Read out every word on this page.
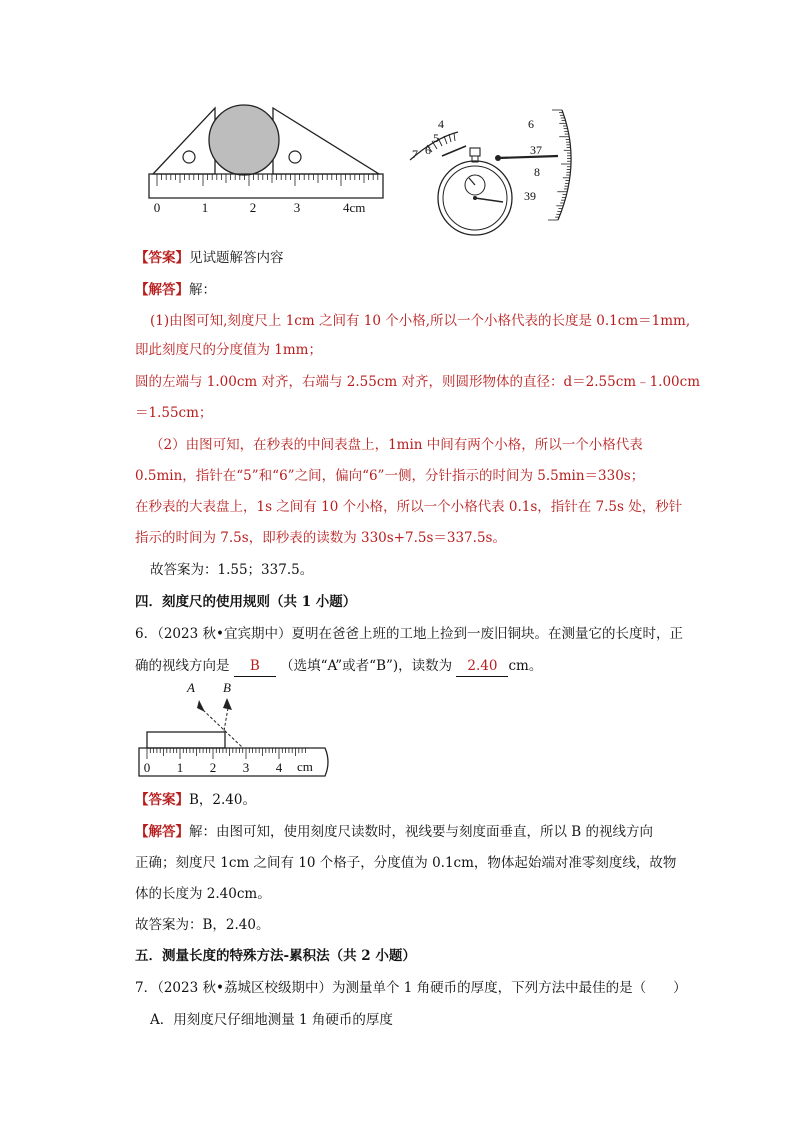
0	1	2	3	4cm
4
5
6
7
6
37
8
39
【答案】见试题解答内容
【解答】解：
(1)由图可知,刻度尺上 1cm 之间有 10 个小格,所以一个小格代表的长度是 0.1cm＝1mm,
即此刻度尺的分度值为 1mm；
圆的左端与 1.00cm 对齐，右端与 2.55cm 对齐，则圆形物体的直径：d＝2.55cm﹣1.00cm
＝1.55cm；
（2）由图可知，在秒表的中间表盘上，1min 中间有两个小格，所以一个小格代表
0.5min，指针在“5”和“6”之间，偏向“6”一侧，分针指示的时间为 5.5min＝330s；
在秒表的大表盘上，1s 之间有 10 个小格，所以一个小格代表 0.1s，指针在 7.5s 处，秒针
指示的时间为 7.5s，即秒表的读数为 330s+7.5s＝337.5s。
故答案为：1.55；337.5。
四．刻度尺的使用规则（共 1 小题）
6．（2023 秋•宜宾期中）夏明在爸爸上班的工地上捡到一废旧铜块。在测量它的长度时，正
确的视线方向是 B （选填“A”或者“B”)，读数为 2.40 cm。
A B
0 1 2 3 4 cm
【答案】B，2.40。
【解答】解：由图可知，使用刻度尺读数时，视线要与刻度面垂直，所以 B 的视线方向
正确；刻度尺 1cm 之间有 10 个格子，分度值为 0.1cm，物体起始端对准零刻度线，故物
体的长度为 2.40cm。
故答案为：B，2.40。
五．测量长度的特殊方法-累积法（共 2 小题）
7．（2023 秋•荔城区校级期中）为测量单个 1 角硬币的厚度，下列方法中最佳的是（　　）
A．用刻度尺仔细地测量 1 角硬币的厚度
